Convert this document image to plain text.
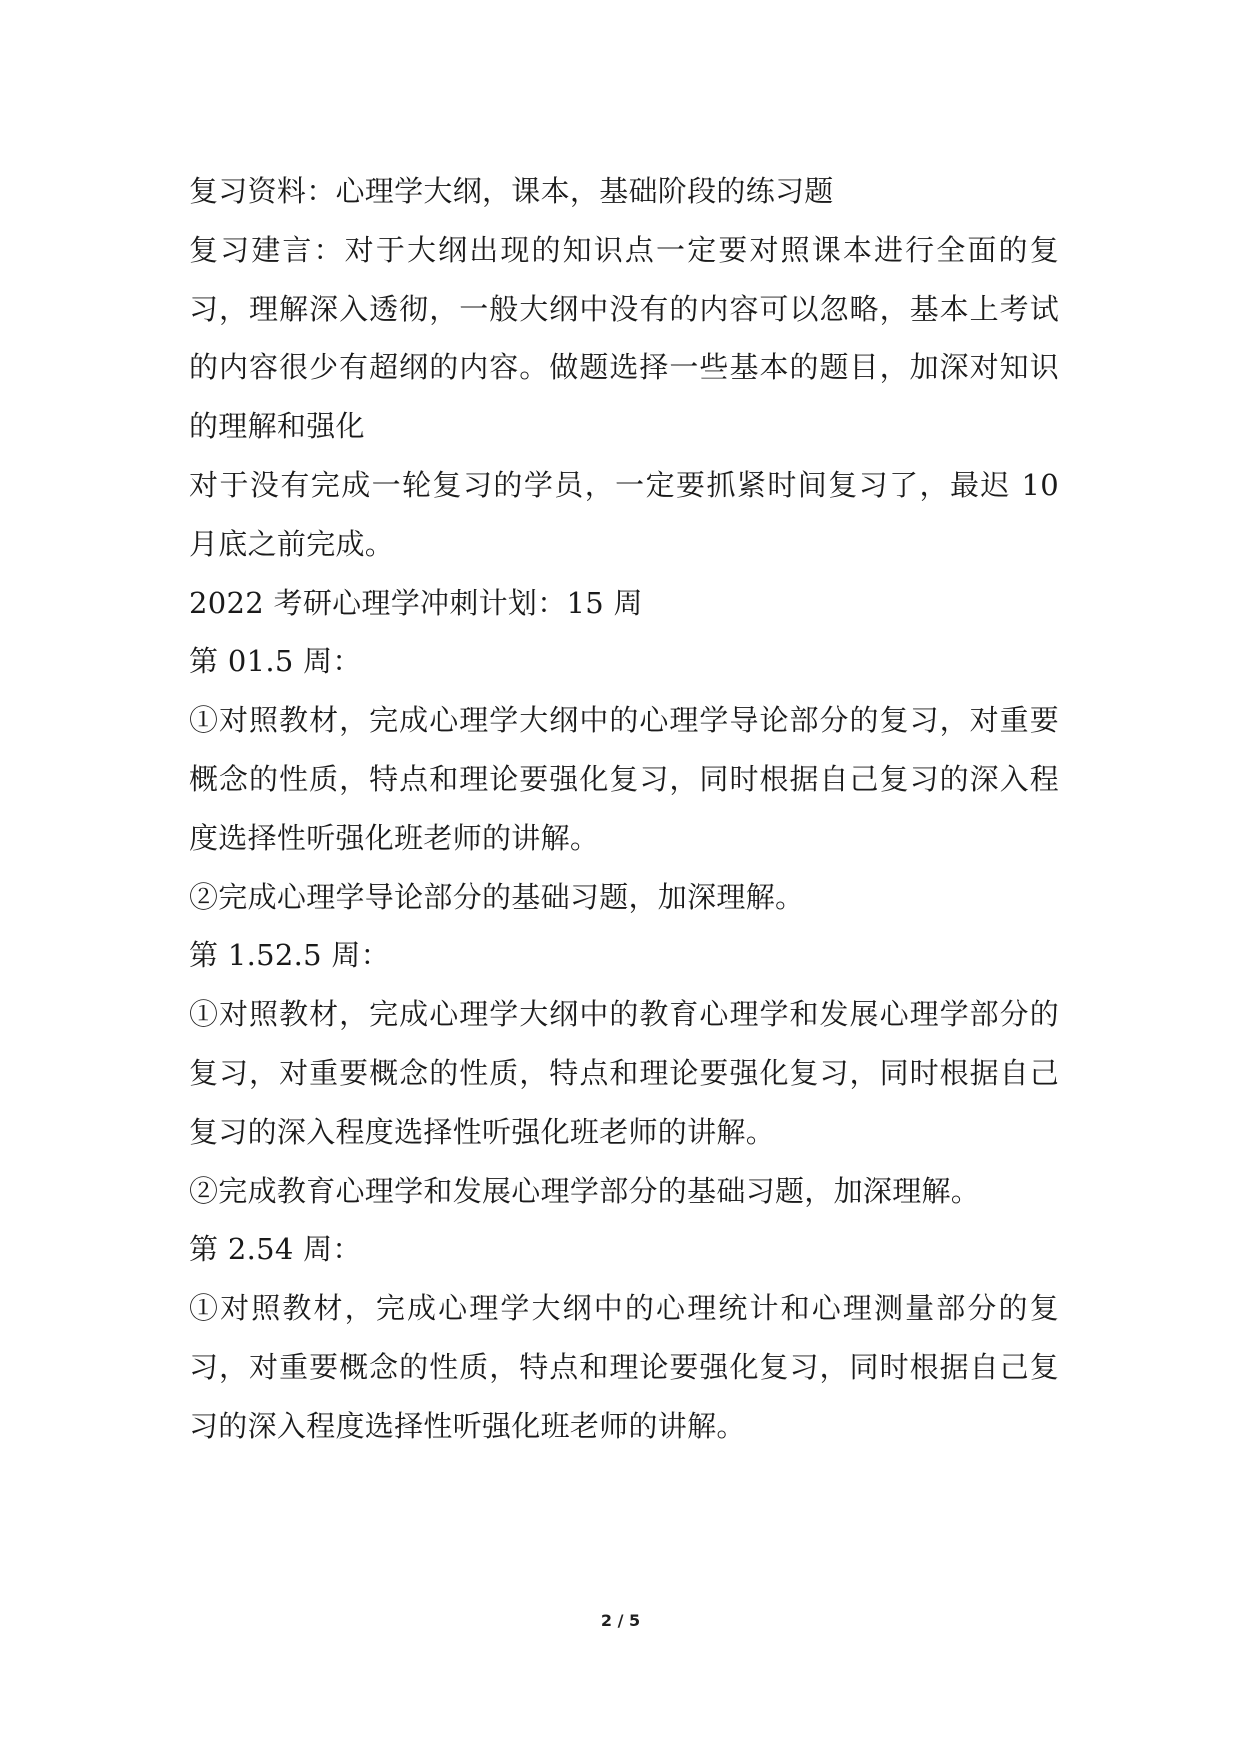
复习资料：心理学大纲，课本，基础阶段的练习题

复习建言：对于大纲出现的知识点一定要对照课本进行全面的复习，理解深入透彻，一般大纲中没有的内容可以忽略，基本上考试的内容很少有超纲的内容。做题选择一些基本的题目，加深对知识的理解和强化

对于没有完成一轮复习的学员，一定要抓紧时间复习了，最迟 10 月底之前完成。

2022 考研心理学冲刺计划：15 周

第 01.5 周：

①对照教材，完成心理学大纲中的心理学导论部分的复习，对重要概念的性质，特点和理论要强化复习，同时根据自己复习的深入程度选择性听强化班老师的讲解。

②完成心理学导论部分的基础习题，加深理解。

第 1.52.5 周：

①对照教材，完成心理学大纲中的教育心理学和发展心理学部分的复习，对重要概念的性质，特点和理论要强化复习，同时根据自己复习的深入程度选择性听强化班老师的讲解。

②完成教育心理学和发展心理学部分的基础习题，加深理解。

第 2.54 周：

①对照教材，完成心理学大纲中的心理统计和心理测量部分的复习，对重要概念的性质，特点和理论要强化复习，同时根据自己复习的深入程度选择性听强化班老师的讲解。

2 / 5
